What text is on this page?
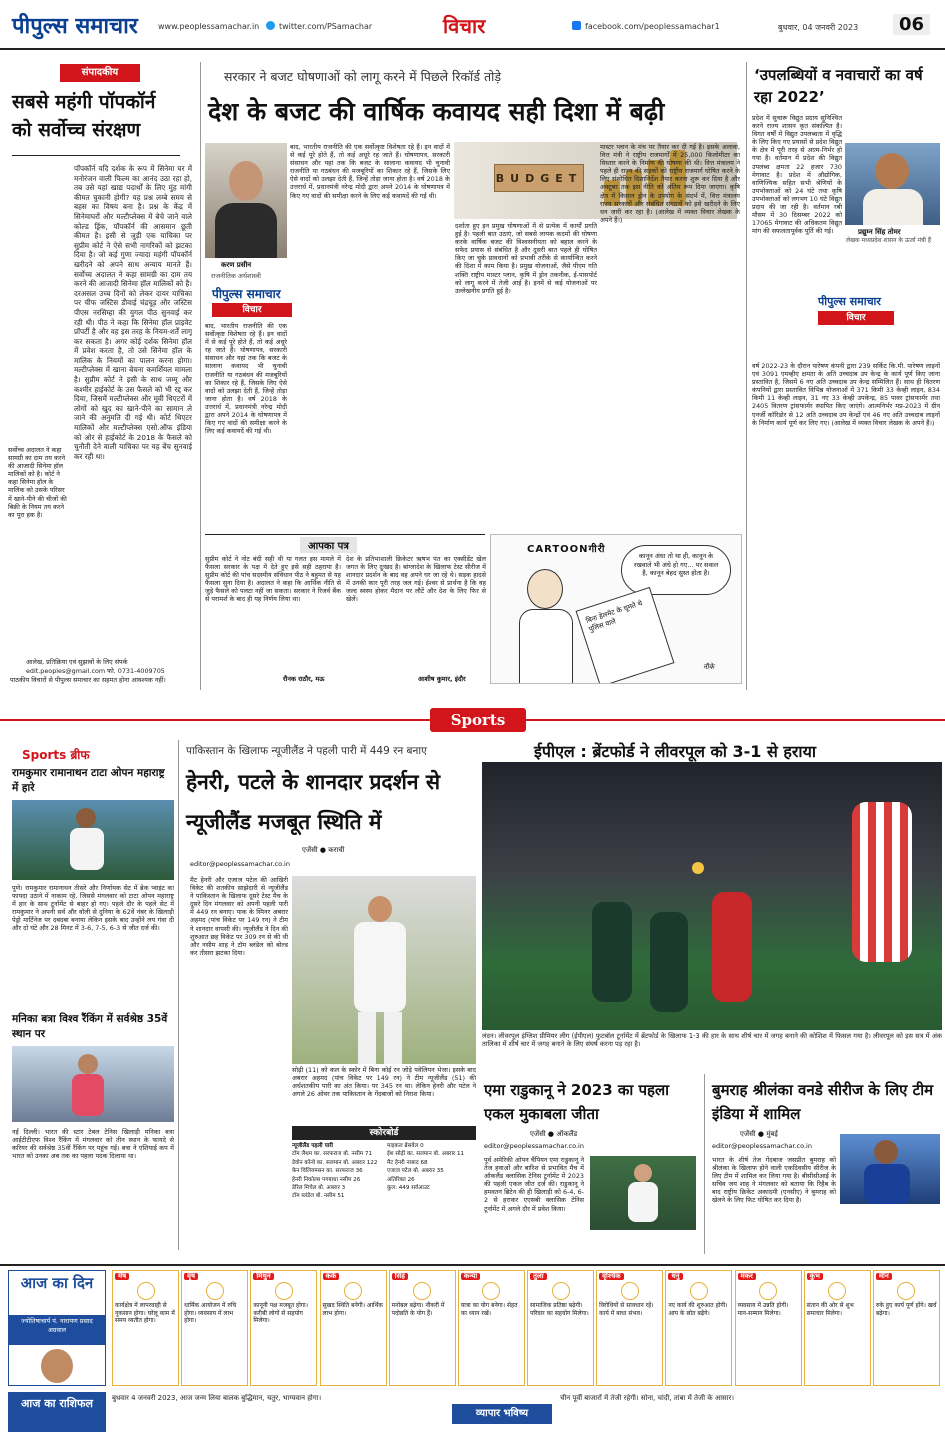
पीपुल्स समाचार	www.peoplessamachar.in twitter.com/PSamachar	विचार	facebook.com/peoplessamachar1	बुधवार, 04 जनवरी 2023	06
संपादकीय
सबसे महंगी पॉपकॉर्न को सर्वोच्च संरक्षण
पॉपकॉर्न यदि दर्शक के रूप में सिनेमा घर में मनोरंजन वाली फिल्म का आनंद उठा रहा हो, तब उसे यहां खाद्य पदार्थों के लिए मुंह मांगी कीमत चुकानी होगी? यह प्रश्न लम्बे समय से बहस का विषय बना है। प्रश्न के केंद्र में सिनेमाघरों और मल्टीप्लेक्स में बेचे जाने वाले कोल्ड ड्रिंक, पॉपकॉर्न की आसमान छूती कीमत है। इसी से जुड़ी एक याचिका पर सुप्रीम कोर्ट ने ऐसे सभी नागरिकों को झटका दिया है। जो कई गुणा ज्यादा महंगी पॉपकॉर्न खरीदने को अपने साथ अन्याय मानते हैं। सर्वोच्च अदालत ने कहा सामग्री का दाम तय करने की आजादी सिनेमा हॉल मालिकों को है। दरअसल उच्च दिनों को लेकर दायर याचिका पर चीफ जस्टिस डीवाई चंद्रचूड़ और जस्टिस पीएस नरसिम्हा की युगल पीठ सुनवाई कर रही थी। पीठ ने कहा कि सिनेमा हॉल प्राइवेट प्रॉपर्टी है और वह इस तरह के नियम-शर्तें लागू कर सकता है। अगर कोई दर्शक सिनेमा हॉल में प्रवेश करता है, तो उसे सिनेमा हॉल के मालिक के नियमों का पालन करना होगा। मल्टीप्लेक्स में खाना बेचना कमर्शियल मामला है। सुप्रीम कोर्ट ने इसी के साथ जम्मू और कश्मीर हाईकोर्ट के उस फैसले को भी रद्द कर दिया, जिसमें मल्टीप्लेक्स और मूवी थिएटरों में लोगों को खुद का खाने-पीने का सामान ले जाने की अनुमति दी गई थी। कोर्ट थिएटर मालिकों और मल्टीप्लेक्स एसो.ऑफ इंडिया को ओर से हाईकोर्ट के 2018 के फैसले को चुनौती देने वाली याचिका पर यह बेंच सुनवाई कर रही था।
सर्वोच्च अदालत ने कहा सामग्री का दाम तय करने की आजादी सिनेमा हॉल मालिकों को है। कोर्ट ने कहा सिनेमा हॉल के मालिक को उसके परिसर में खाने-पीने की चीजों की बिक्री के नियम तय करने का पूरा हक है।
आलेख, प्रतिक्रिया एवं सुझावों के लिए संपर्क
edit.peoples@gmail.com फो. 0731-4009705
पाठकीय विचारों से पीपुल्स समाचार का सहमत होना आवश्यक नहीं।
सरकार ने बजट घोषणाओं को लागू करने में पिछले रिकॉर्ड तोड़े
देश के बजट की वार्षिक कवायद सही दिशा में बढ़ी
करण प्रसीन
राजनीतिक अर्थशास्त्री
BUDGET
पीपुल्स समाचार
विचार
बाद, भारतीय राजनीति की एक सर्वोत्कृष्ट विशेषता रहे हैं। इन वादों में से कई पूरे होते हैं, तो कई अधूरे रह जाते हैं। घोषणापत्र, सरकारी संसाधन और यहां तक कि बजट के सालाना कवायद भी चुनावी राजनीति या गठबंधन की मजबूरियों का शिकार रहे हैं, जिसके लिए ऐसे वादों को उलझा देती हैं, जिन्हें तोड़ा जाना होता है। वर्ष 2018 के उत्तरार्ध में, प्रधानमंत्री नरेन्द्र मोदी द्वारा अपने 2014 के घोषणापत्र में किए गए वादों की समीक्षा करने के लिए कई कवायदें की गई थी।
बाद, भारतीय राजनीति की एक सर्वोत्कृष्ट विशेषता रहे हैं। इन वादों में से कई पूरे होते हैं, तो कई अधूरे रह जाते हैं। घोषणापत्र, सरकारी संसाधन और यहां तक कि बजट के सालाना कवायद भी चुनावी राजनीति या गठबंधन की मजबूरियों का शिकार रहे हैं, जिसके लिए ऐसे वादों को उलझा देती हैं, जिन्हें तोड़ा जाना होता है। वर्ष 2018 के उत्तरार्ध में, प्रधानमंत्री नरेन्द्र मोदी द्वारा अपने 2014 के घोषणापत्र में किए गए वादों की समीक्षा करने के लिए कई कवायदें की गई थी।
दर्शाता हुए इन प्रमुख घोषणाओं में से प्रत्येक में कार्यों प्रगति हुई है। पहली बात उठाएं, जो सबसे लायक कदमों की घोषणा करके वार्षिक बजट की विश्वसनीयता को बहाल करने के सफेद प्रयास से संबंधित है और दूसरी बात पहले ही घोषित किए जा चुके प्रावधानों को प्रभावी तरीके से कार्यान्वित करने की दिशा में काम किया है। प्रमुख योजनाओं, जैसे पीएम गति शक्ति राष्ट्रीय मास्टर प्लान, कृषि में ड्रोन तकनीक, ई-पासपोर्ट को लागू करने में तेजी आई है। इनमें से कई योजनाओं पर उल्लेखनीय प्रगति हुई है।
मास्टर प्लान के मंच पर तैयार कर दी गई है। इसके अलावा, वित्त मंत्री ने राष्ट्रीय राजमार्गों में 25,000 किलोमीटर का विस्तार करने के निर्माण की घोषणा की थी। वित्त मंत्रालय ने पहले ही राज्य की सड़कों को राष्ट्रीय राजमार्ग घोषित करने के लिए संशोधित दिशानिर्देश तैयार करना शुरू कर दिया है और अक्टूबर तक इस नीति को अंतिम रूप दिया जाएगा। कृषि क्षेत्र में किसान ड्रोन के उपयोग के संदर्भ में, वित्त मंत्रालय राज्य सरकारों और संबंधित संगठनों को इसे खरीदने के लिए धन जारी कर रहा है। (आलेख में व्यक्त विचार लेखक के अपने हैं।)
आपका पत्र
सुप्रीम कोर्ट ने नोट बंदी सही थी या गलत इस मामले में फैसला सरकार के पक्ष में देते हुए इसे सही ठहराया है। सुप्रीम कोर्ट की पांच सदस्यीय संविधान पीठ ने बहुमत से यह फैसला सुना दिया है। अदालत ने कहा कि आर्थिक नीति से जुड़े फैसले को पलटा नहीं जा सकता। सरकार ने रिजर्व बैंक से परामर्श के बाद ही यह निर्णय लिया था।
रौनक राठौर, मऊ
देश के प्रतिभाशाली क्रिकेटर ऋषभ पंत का एक्सीडेंट खेल जगत के लिए दुःखद है। बांग्लादेश के खिलाफ टेस्ट सीरीज में शानदार प्रदर्शन के बाद वह अपने घर जा रहे थे। सड़क हादसे में उनकी कार पूरी तरह जल गई। ईश्वर से प्रार्थना है कि वह जल्द स्वस्थ होकर मैदान पर लौटें और देश के लिए फिर से खेलें।
आशीष कुमार, इंदौर
CARTOONगीरी
कानून अंधा तो था ही, कानून के रखवाले भी अंधे हो गए... पर सवाल है, कानून बेहद सुस्त होता है।
बिना हेलमेट के घूमते थे पुलिस वाले
नीके
‘उपलब्धियों व नवाचारों का वर्ष रहा 2022’
प्रदेश में सुचारू विद्युत प्रदाय सुनिश्चित करने राज्य शासन कृत संकल्पित है। विगत वर्षों में विद्युत उपलब्धता में वृद्धि के लिए किए गए प्रयासों से प्रदेश विद्युत के क्षेत्र में पूरी तरह से आत्म-निर्भर हो गया है। वर्तमान में प्रदेश की विद्युत उपलब्ध क्षमता 22 हजार 730 मेगावाट है। प्रदेश में औद्योगिक, वाणिज्यिक सहित सभी श्रेणियों के उपभोक्ताओं को 24 घंटे तथा कृषि उपभोक्ताओं को लगभग 10 घंटे विद्युत प्रदाय की जा रही है। वर्तमान रबी मौसम में 30 दिसम्बर 2022 को 17065 मेगावाट की अधिकतम विद्युत मांग की सफलतापूर्वक पूर्ति की गई।	प्रद्युम्न सिंह तोमर
लेखक मध्यप्रदेश शासन के ऊर्जा मंत्री हैं
पीपुल्स समाचार
विचार
वर्ष 2022-23 के दौरान पारेषण कंपनी द्वारा 239 सर्किट कि.मी. पारेषण लाइनों एवं 3091 एमव्हीए क्षमता के अति उच्चदाब उप केन्द्र के कार्य पूर्ण किए जाना प्रस्तावित है, जिसमें 6 नए अति उच्चदाब उप केन्द्र सम्मिलित हैं। साथ ही वितरण कंपनियों द्वारा प्रस्तावित विभिन्न योजनाओं में 371 किमी 33 केव्ही लाइन, 834 किमी 11 केव्ही लाइन, 31 नए 33 केव्ही उपकेन्द्र, 85 पावर ट्रांसफार्मर तथा 2405 वितरण ट्रांसफार्मर स्थापित किए जाएंगे। आत्मनिर्भर मप्र-2023 में ग्रीन एनर्जी कॉरिडोर से 12 अति उच्चदाब उप केन्द्रों एवं 46 नए अति उच्चदाब लाइनों के निर्माण कार्य पूर्ण कर लिए गए। (आलेख में व्यक्त विचार लेखक के अपने हैं।)
Sports
Sports ब्रीफ
रामकुमार रामानाथन टाटा ओपन महाराष्ट्र में हारे
पुणे। रामकुमार रामानाथन तीसरे और निर्णायक सेट में ब्रेक प्वाइंट का फायदा उठाने में नाकाम रहे, जिससे मंगलवार को टाटा ओपन महाराष्ट्र में हार के साथ टूर्नामेंट से बाहर हो गए। पहले दौर के पहले सेट में रामकुमार ने अपनी सर्व और वॉली से दुनिया के 62वें नंबर के खिलाड़ी पेड्रो मार्टिनेज पर दबदबा बनाया लेकिन इसके बाद उन्होंने लय गंवा दी और दो घंटे और 28 मिनट में 3-6, 7-5, 6-3 से जीत दर्ज की।
मनिका बत्रा विश्व रैंकिंग में सर्वश्रेष्ठ 35वें स्थान पर
नई दिल्ली। भारत की स्टार टेबल टेनिस खिलाड़ी मनिका बत्रा आईटीटीएफ विश्व रैंकिंग में मंगलवार को तीन स्थान के फायदे से करियर की सर्वश्रेष्ठ 35वीं रैंकिंग पर पहुंच गई। बत्रा ने एशियाई कप में भारत को उनका अब तक का पहला पदक दिलाया था।
पाकिस्तान के खिलाफ न्यूजीलैंड ने पहली पारी में 449 रन बनाए
हेनरी, पटले के शानदार प्रदर्शन से न्यूजीलैंड मजबूत स्थिति में
एजेंसी ● कराची
editor@peoplessamachar.co.in
मैट हेनरी और एजाज पटेल की आखिरी विकेट की शतकीय साझेदारी से न्यूजीलैंड ने पाकिस्तान के खिलाफ दूसरे टेस्ट मैच के दूसरे दिन मंगलवार को अपनी पहली पारी में 449 रन बनाए। पाक के स्पिनर अबरार अहमद (पांच विकेट पर 149 रन) ने टीम ने शानदार वापसी की। न्यूजीलैंड ने दिन की शुरुआत छह विकेट पर 309 रन से की थी और नसीम शाह ने टॉम ब्लंडेल को बोल्ड कर तीसरा झटका दिया।
सोढ़ी (11) को कल के स्कोर में बिना कोई रन जोड़े पवेलियन भेजा। इसके बाद अबरार अहमद (पांच विकेट पर 149 रन) ने टीम न्यूजीलैंड (51) की अर्धशतकीय पारी का अंत किया। पर 345 रन था। लेकिन हेनरी और पटेल ने अगले 26 ओवर तक पाकिस्तान के गेंदबाजों को निराश किया।
स्कोरबोर्ड
न्यूजीलैंड पहली पारी
टॉम लैथम का. सरफराज बो. नसीम 71
डेवोन कॉन्वे का. सलमान बो. अबरार 122
केन विलियमसन का. सरफराज 36
हेनरी निकोल्स पगबाधा नसीम 26
डेरिल मिचेल बो. अबरार 3
टॉम ब्लंडेल बो. नसीम 51
माइकल ब्रेसवेल 0
ईश सोढ़ी का. सलमान बो. अबरार 11
मैट हेनरी नाबाद 68
एजाज पटेल बो. अबरार 35
अतिरिक्त 26
कुल: 449 सर्वआउट
ईपीएल : ब्रेंटफोर्ड ने लीवरपूल को 3-1 से हराया
लंदन। लीवरपूल इंग्लिश प्रीमियर लीग (ईपीएल) फुटबॉल टूर्नामेंट में ब्रेंटफोर्ड के खिलाफ 1-3 की हार के साथ शीर्ष चार में जगह बनाने की कोशिश में फिसल गया है। लीवरपूल को इस सत्र में अंक तालिका में शीर्ष चार में जगह बनाने के लिए संघर्ष करना पड़ रहा है।
एमा राडुकानू ने 2023 का पहला एकल मुकाबला जीता
एजेंसी ● ऑकलैंड
editor@peoplessamachar.co.in
पूर्व अमेरिकी ओपन चैंपियन एमा राडुकानू ने तेज हवाओं और बारिश से प्रभावित मैच में ऑकलैंड क्लासिक टेनिस टूर्नामेंट में 2023 की पहली एकल जीत दर्ज की। राडुकानू ने हमवतन ब्रिटेन की ही खिलाड़ी को 6-4, 6-2 से हराकर एएसबी क्लासिक टेनिस टूर्नामेंट में अगले दौर में प्रवेश किया।
बुमराह श्रीलंका वनडे सीरीज के लिए टीम इंडिया में शामिल
एजेंसी ● मुंबई
editor@peoplessamachar.co.in
भारत के शीर्ष तेज गेंदबाज जसप्रीत बुमराह को श्रीलंका के खिलाफ होने वाली एकदिवसीय सीरीज के लिए टीम में शामिल कर लिया गया है। बीसीसीआई के सचिव जय शाह ने मंगलवार को बताया कि रिहैब के बाद राष्ट्रीय क्रिकेट अकादमी (एनसीए) ने बुमराह को खेलने के लिए फिट घोषित कर दिया है।
आज का दिन
ज्योतिषाचार्य पं. नारायण प्रसाद अग्रवाल
मेष
कार्यक्षेत्र में लापरवाही से नुकसान होगा। घरेलू काम में समय व्यतीत होगा।
वृष
धार्मिक आयोजन में रुचि होगा। व्यवसाय में लाभ होगा।
मिथुन
कानूनी पक्ष मजबूत होगा। करीबी लोगों से सहयोग मिलेगा।
कर्क
सुखद स्थिति बनेगी। आर्थिक लाभ होगा।
सिंह
मनोबल बढ़ेगा। नौकरी में पदोन्नति के योग हैं।
कन्या
यात्रा का योग बनेगा। सेहत का ध्यान रखें।
तुला
सामाजिक प्रतिष्ठा बढ़ेगी। परिवार का सहयोग मिलेगा।
वृश्चिक
विरोधियों से सावधान रहें। कार्य में बाधा संभव।
धनु
नए कार्य की शुरुआत होगी। आय के स्रोत बढ़ेंगे।
मकर
व्यवसाय में उन्नति होगी। मान-सम्मान मिलेगा।
कुंभ
संतान की ओर से शुभ समाचार मिलेगा।
मीन
रुके हुए कार्य पूर्ण होंगे। खर्च बढ़ेगा।
आज का राशिफल	बुधवार 4 जनवरी 2023, आज जन्म लिया बालक बुद्धिमान, चतुर, भाग्यवान होगा।
व्यापार भविष्य
चीन पूर्वी बाजारों में तेजी रहेगी। सोना, चांदी, तांबा में तेजी के आसार।
